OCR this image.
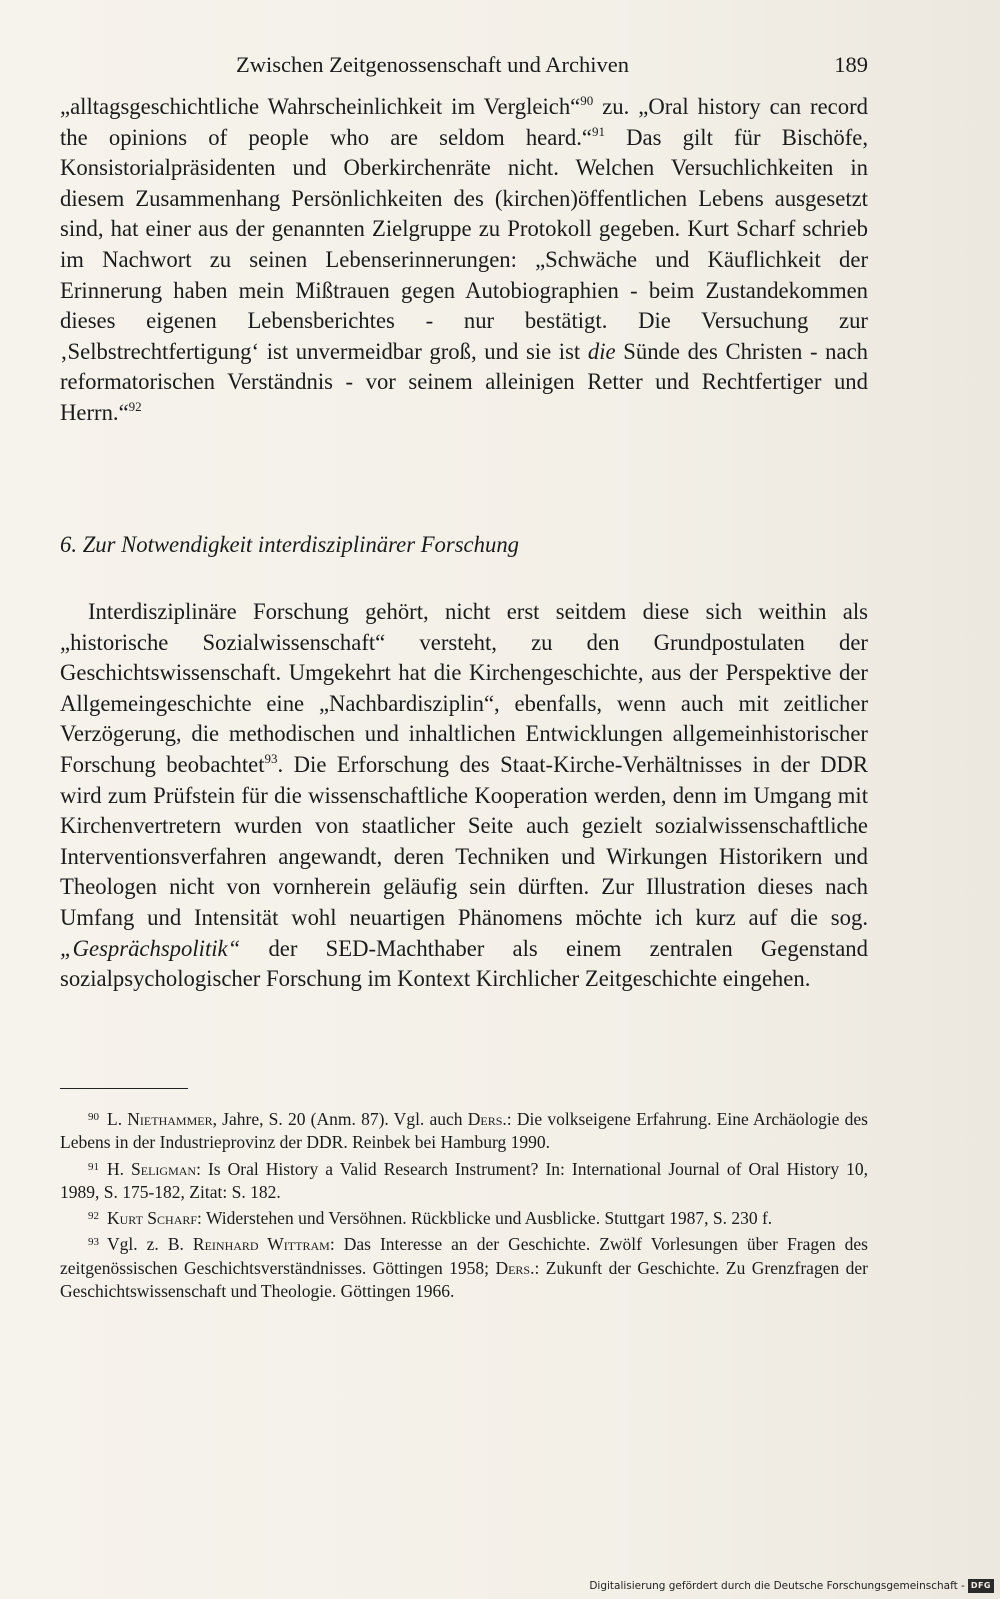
Zwischen Zeitgenossenschaft und Archiven	189

„alltagsgeschichtliche Wahrscheinlichkeit im Vergleich“$^{90}$ zu. „Oral history can record the opinions of people who are seldom heard.“$^{91}$ Das gilt für Bischöfe, Konsistorialpräsidenten und Oberkirchenräte nicht. Welchen Versuchlichkeiten in diesem Zusammenhang Persönlichkeiten des (kirchen)öffentlichen Lebens ausgesetzt sind, hat einer aus der genannten Zielgruppe zu Protokoll gegeben. Kurt Scharf schrieb im Nachwort zu seinen Lebenserinnerungen: „Schwäche und Käuflichkeit der Erinnerung haben mein Mißtrauen gegen Autobiographien - beim Zustandekommen dieses eigenen Lebensberichtes - nur bestätigt. Die Versuchung zur ‚Selbstrechtfertigung‘ ist unvermeidbar groß, und sie ist die Sünde des Christen - nach reformatorischen Verständnis - vor seinem alleinigen Retter und Rechtfertiger und Herrn.“$^{92}$

6. Zur Notwendigkeit interdisziplinärer Forschung

Interdisziplinäre Forschung gehört, nicht erst seitdem diese sich weithin als „historische Sozialwissenschaft“ versteht, zu den Grundpostulaten der Geschichtswissenschaft. Umgekehrt hat die Kirchengeschichte, aus der Perspektive der Allgemeingeschichte eine „Nachbardisziplin“, ebenfalls, wenn auch mit zeitlicher Verzögerung, die methodischen und inhaltlichen Entwicklungen allgemeinhistorischer Forschung beobachtet$^{93}$. Die Erforschung des Staat-Kirche-Verhältnisses in der DDR wird zum Prüfstein für die wissenschaftliche Kooperation werden, denn im Umgang mit Kirchenvertretern wurden von staatlicher Seite auch gezielt sozialwissenschaftliche Interventionsverfahren angewandt, deren Techniken und Wirkungen Historikern und Theologen nicht von vornherein geläufig sein dürften. Zur Illustration dieses nach Umfang und Intensität wohl neuartigen Phänomens möchte ich kurz auf die sog. „Gesprächspolitik“ der SED-Machthaber als einem zentralen Gegenstand sozialpsychologischer Forschung im Kontext Kirchlicher Zeitgeschichte eingehen.

$^{90}$ L. Niethammer, Jahre, S. 20 (Anm. 87). Vgl. auch Ders.: Die volkseigene Erfahrung. Eine Archäologie des Lebens in der Industrieprovinz der DDR. Reinbek bei Hamburg 1990.

$^{91}$ H. Seligman: Is Oral History a Valid Research Instrument? In: International Journal of Oral History 10, 1989, S. 175-182, Zitat: S. 182.

$^{92}$ Kurt Scharf: Widerstehen und Versöhnen. Rückblicke und Ausblicke. Stuttgart 1987, S. 230 f.

$^{93}$ Vgl. z. B. Reinhard Wittram: Das Interesse an der Geschichte. Zwölf Vorlesungen über Fragen des zeitgenössischen Geschichtsverständnisses. Göttingen 1958; Ders.: Zukunft der Geschichte. Zu Grenzfragen der Geschichtswissenschaft und Theologie. Göttingen 1966.

Digitalisierung gefördert durch die Deutsche Forschungsgemeinschaft - DFG
